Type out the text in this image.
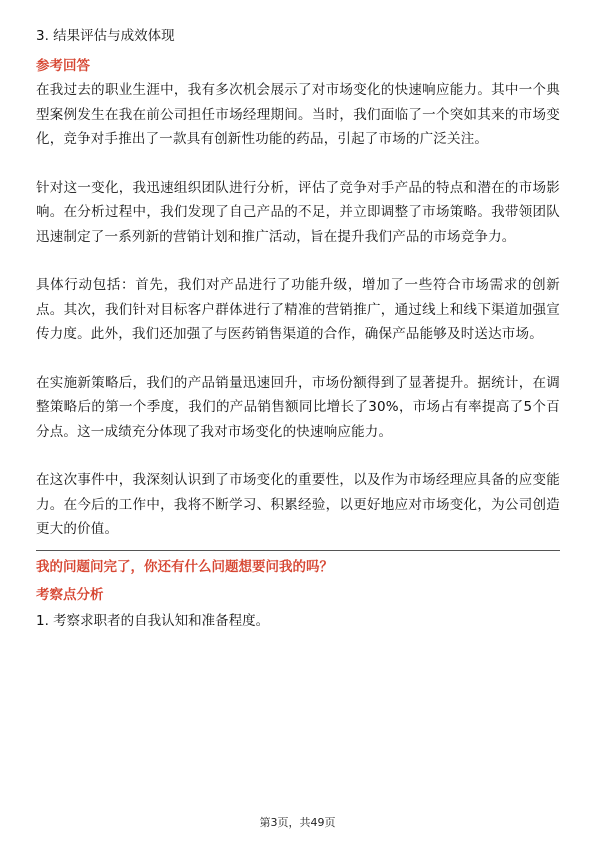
3. 结果评估与成效体现
参考回答

在我过去的职业生涯中，我有多次机会展示了对市场变化的快速响应能力。其中一个典型案例发生在我在前公司担任市场经理期间。当时，我们面临了一个突如其来的市场变化，竞争对手推出了一款具有创新性功能的药品，引起了市场的广泛关注。

针对这一变化，我迅速组织团队进行分析，评估了竞争对手产品的特点和潜在的市场影响。在分析过程中，我们发现了自己产品的不足，并立即调整了市场策略。我带领团队迅速制定了一系列新的营销计划和推广活动，旨在提升我们产品的市场竞争力。

具体行动包括：首先，我们对产品进行了功能升级，增加了一些符合市场需求的创新点。其次，我们针对目标客户群体进行了精准的营销推广，通过线上和线下渠道加强宣传力度。此外，我们还加强了与医药销售渠道的合作，确保产品能够及时送达市场。

在实施新策略后，我们的产品销量迅速回升，市场份额得到了显著提升。据统计，在调整策略后的第一个季度，我们的产品销售额同比增长了30%，市场占有率提高了5个百分点。这一成绩充分体现了我对市场变化的快速响应能力。

在这次事件中，我深刻认识到了市场变化的重要性，以及作为市场经理应具备的应变能力。在今后的工作中，我将不断学习、积累经验，以更好地应对市场变化，为公司创造更大的价值。

我的问题问完了，你还有什么问题想要问我的吗？
考察点分析
1. 考察求职者的自我认知和准备程度。
第3页，共49页
